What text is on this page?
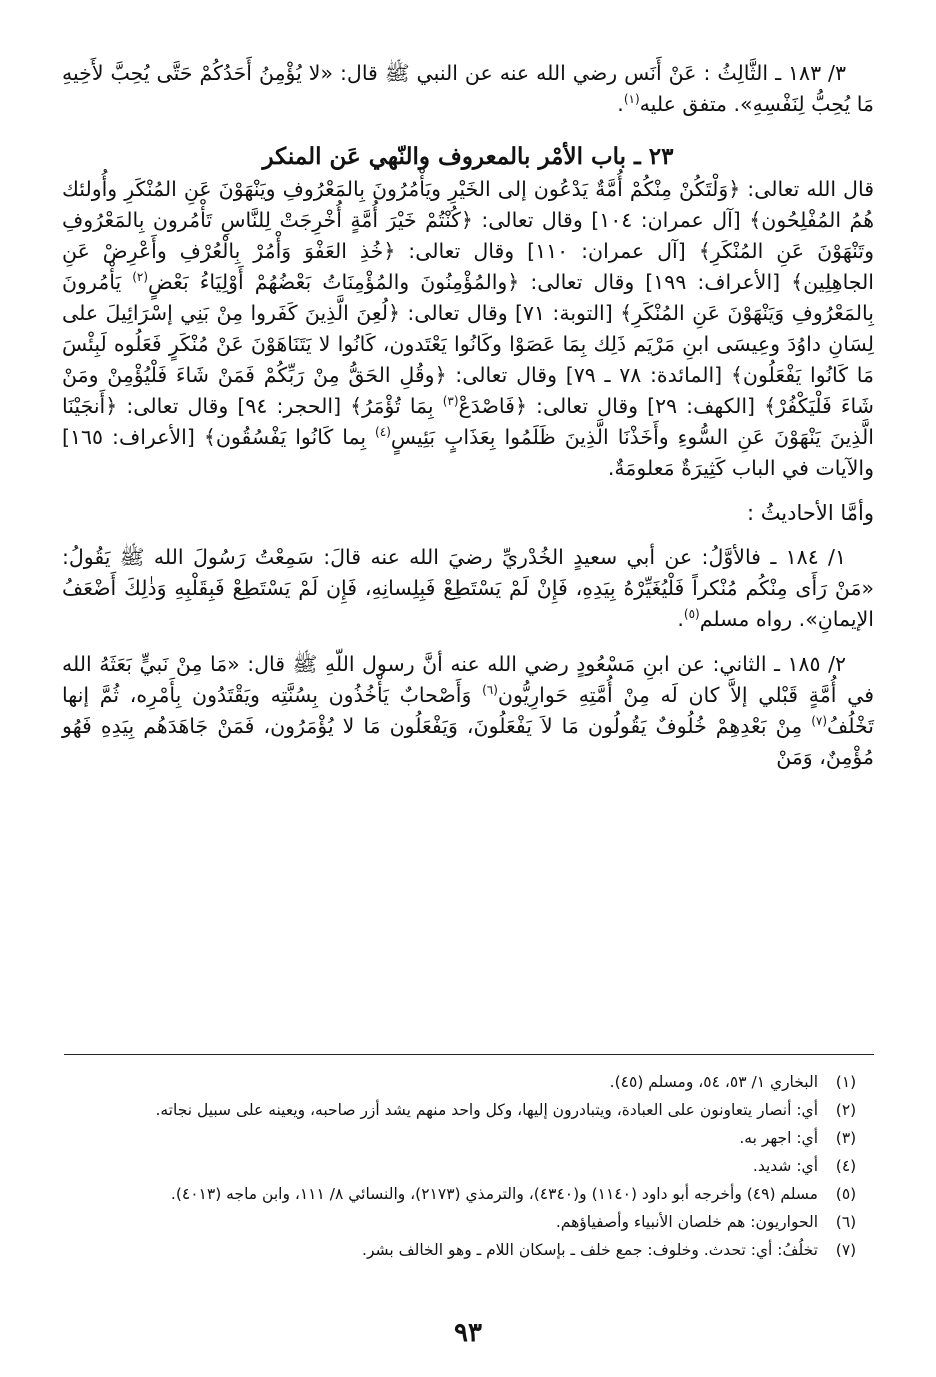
٣/ ١٨٣ ـ الثَّالِثُ : عَنْ أَنَس رضي الله عنه عن النبي ﷺ قال: «لا يُؤْمِنُ أَحَدُكُمْ حَتَّى يُحِبَّ لأَخِيهِ مَا يُحِبُّ لِنَفْسِهِ». متفق عليه$^{(١)}$.

٢٣ ـ باب الأمْر بالمعروف والنّهي عَن المنكر

قال الله تعالى: ﴿وَلْتَكُنْ مِنْكُمْ أُمَّةٌ يَدْعُون إلى الخَيْرِ ويَأْمُرُونَ بِالمَعْرُوفِ ويَنْهَوْنَ عَنِ المُنْكَرِ وأُولئك هُمُ المُفْلِحُون﴾ [آل عمران: ١٠٤] وقال تعالى: ﴿كُنْتُمْ خَيْرَ أُمَّةٍ أُخْرِجَتْ لِلنَّاسِ تَأْمُرون بِالمَعْرُوفِ وتَنْهَوْنَ عَنِ المُنْكَرِ﴾ [آل عمران: ١١٠] وقال تعالى: ﴿خُذِ العَفْوَ وَأْمُرْ بِالْعُرْفِ وأَعْرِضْ عَنِ الجاهِلِين﴾ [الأعراف: ١٩٩] وقال تعالى: ﴿والمُؤْمِنُونَ والمُؤْمِنَاتُ بَعْضُهُمْ أَوْلِيَاءُ بَعْضٍ$^{(٢)}$ يَأْمُرونَ بِالمَعْرُوفِ وَيَنْهَوْنَ عَنِ المُنْكَرِ﴾ [التوبة: ٧١] وقال تعالى: ﴿لُعِنَ الَّذِينَ كَفَروا مِنْ بَنِي إسْرَائِيلَ على لِسَانِ داوُدَ وعِيسَى ابنِ مَرْيَم ذَلِك بِمَا عَصَوْا وكَانُوا يَعْتَدون، كَانُوا لا يَتَنَاهَوْنَ عَنْ مُنْكَرٍ فَعَلُوه لَبِئْسَ مَا كَانُوا يَفْعَلُون﴾ [المائدة: ٧٨ ـ ٧٩] وقال تعالى: ﴿وقُلِ الحَقُّ مِنْ رَبِّكُمْ فَمَنْ شَاءَ فَلْيُؤْمِنْ ومَنْ شَاءَ فَلْيَكْفُرْ﴾ [الكهف: ٢٩] وقال تعالى: ﴿فَاصْدَعْ$^{(٣)}$ بِمَا تُؤْمَرُ﴾ [الحجر: ٩٤] وقال تعالى: ﴿أَنجَيْنَا الَّذِينَ يَنْهَوْنَ عَنِ السُّوءِ وأَخَذْنَا الَّذِينَ ظَلَمُوا بِعَذَابٍ بَئِيسٍ$^{(٤)}$ بِما كَانُوا يَفْسُقُون﴾ [الأعراف: ١٦٥] والآيات في الباب كَثِيرَةٌ مَعلومَةٌ.

وأمَّا الأحاديثُ :

١/ ١٨٤ ـ فالأوَّلُ: عن أبي سعيدٍ الخُدْريِّ رضيَ الله عنه قالَ: سَمِعْتُ رَسُولَ الله ﷺ يَقُولُ: «مَنْ رَأَى مِنْكُم مُنْكراً فَلْيُغَيِّرْهُ بِيَدِهِ، فَإِنْ لَمْ يَسْتَطِعْ فَبِلِسانِهِ، فَإِن لَمْ يَسْتَطِعْ فَبِقَلْبِهِ وَذٰلِكَ أَضْعَفُ الإيمانِ». رواه مسلم$^{(٥)}$.

٢/ ١٨٥ ـ الثاني: عن ابنِ مَسْعُودٍ رضي الله عنه أنَّ رسول اللّهِ ﷺ قال: «مَا مِنْ نَبيٍّ بَعَثَهُ الله في أُمَّةٍ قَبْلي إلاَّ كان لَه مِنْ أُمَّتِهِ حَوارِيُّون$^{(٦)}$ وَأَصْحابٌ يَأْخُذُون بِسُنَّتِه ويَقْتَدُون بِأَمْرِه، ثُمَّ إنها تَخْلُفُ$^{(٧)}$ مِنْ بَعْدِهِمْ خُلُوفٌ يَقُولُون مَا لاَ يَفْعَلُونَ، وَيَفْعَلُون مَا لا يُؤْمَرُون، فَمَنْ جَاهَدَهُم بِيَدِهِ فَهُو مُؤْمِنٌ، وَمَنْ

(١)
البخاري ١/ ٥٣، ٥٤، ومسلم (٤٥).
(٢)
أي: أنصار يتعاونون على العبادة، ويتبادرون إليها، وكل واحد منهم يشد أزر صاحبه، ويعينه على سبيل نجاته.
(٣)
أي: اجهر به.
(٤)
أي: شديد.
(٥)
مسلم (٤٩) وأخرجه أبو داود (١١٤٠) و(٤٣٤٠)، والترمذي (٢١٧٣)، والنسائي ٨/ ١١١، وابن ماجه (٤٠١٣).
(٦)
الحواريون: هم خلصان الأنبياء وأصفياؤهم.
(٧)
تخلُفُ: أي: تحدث. وخلوف: جمع خلف ـ بإسكان اللام ـ وهو الخالف بشر.
٩٣
